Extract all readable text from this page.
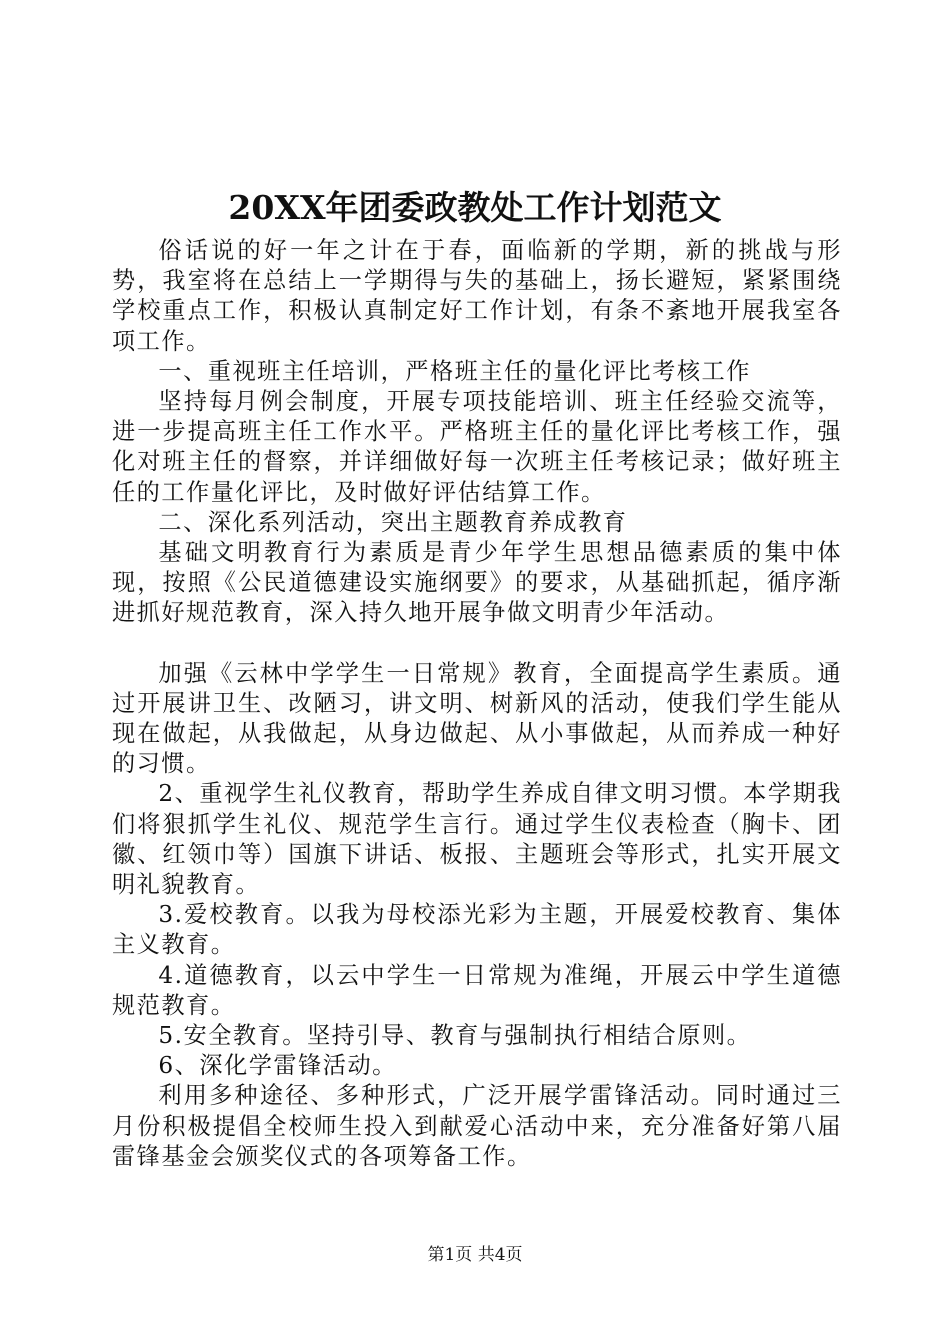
20XX年团委政教处工作计划范文

俗话说的好一年之计在于春，面临新的学期，新的挑战与形势，我室将在总结上一学期得与失的基础上，扬长避短，紧紧围绕学校重点工作，积极认真制定好工作计划，有条不紊地开展我室各项工作。

一、重视班主任培训，严格班主任的量化评比考核工作

坚持每月例会制度，开展专项技能培训、班主任经验交流等，进一步提高班主任工作水平。严格班主任的量化评比考核工作，强化对班主任的督察，并详细做好每一次班主任考核记录；做好班主任的工作量化评比，及时做好评估结算工作。

二、深化系列活动，突出主题教育养成教育

基础文明教育行为素质是青少年学生思想品德素质的集中体现，按照《公民道德建设实施纲要》的要求，从基础抓起，循序渐进抓好规范教育，深入持久地开展争做文明青少年活动。

加强《云林中学学生一日常规》教育，全面提高学生素质。通过开展讲卫生、改陋习，讲文明、树新风的活动，使我们学生能从现在做起，从我做起，从身边做起、从小事做起，从而养成一种好的习惯。

2、重视学生礼仪教育，帮助学生养成自律文明习惯。本学期我们将狠抓学生礼仪、规范学生言行。通过学生仪表检查（胸卡、团徽、红领巾等）国旗下讲话、板报、主题班会等形式，扎实开展文明礼貌教育。

3.爱校教育。以我为母校添光彩为主题，开展爱校教育、集体主义教育。

4.道德教育，以云中学生一日常规为准绳，开展云中学生道德规范教育。

5.安全教育。坚持引导、教育与强制执行相结合原则。

6、深化学雷锋活动。

利用多种途径、多种形式，广泛开展学雷锋活动。同时通过三月份积极提倡全校师生投入到献爱心活动中来，充分准备好第八届雷锋基金会颁奖仪式的各项筹备工作。

第1页 共4页
